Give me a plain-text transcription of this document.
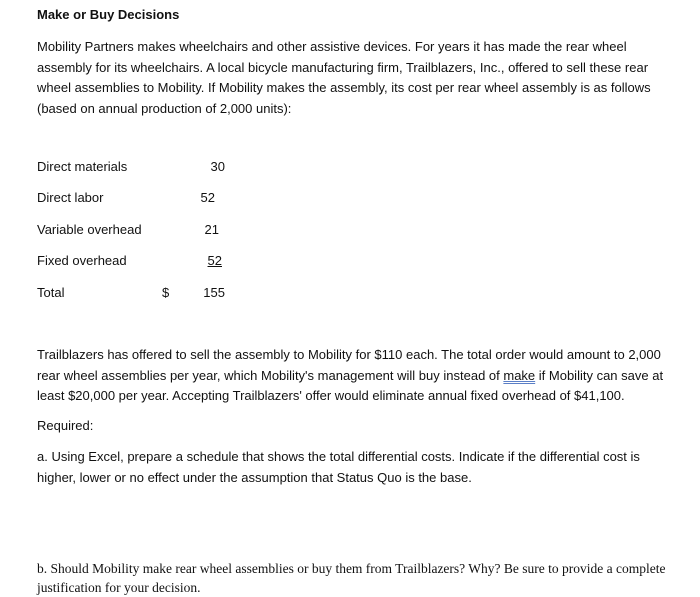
Make or Buy Decisions

Mobility Partners makes wheelchairs and other assistive devices. For years it has made the rear wheel assembly for its wheelchairs. A local bicycle manufacturing firm, Trailblazers, Inc., offered to sell these rear wheel assemblies to Mobility. If Mobility makes the assembly, its cost per rear wheel assembly is as follows (based on annual production of 2,000 units):

Direct materials	30
Direct labor	52
Variable overhead	21
Fixed overhead	52
Total	$	155

Trailblazers has offered to sell the assembly to Mobility for $110 each. The total order would amount to 2,000 rear wheel assemblies per year, which Mobility's management will buy instead of make if Mobility can save at least $20,000 per year. Accepting Trailblazers' offer would eliminate annual fixed overhead of $41,100.

Required:

a. Using Excel, prepare a schedule that shows the total differential costs. Indicate if the differential cost is higher, lower or no effect under the assumption that Status Quo is the base.

b. Should Mobility make rear wheel assemblies or buy them from Trailblazers? Why? Be sure to provide a complete justification for your decision.
